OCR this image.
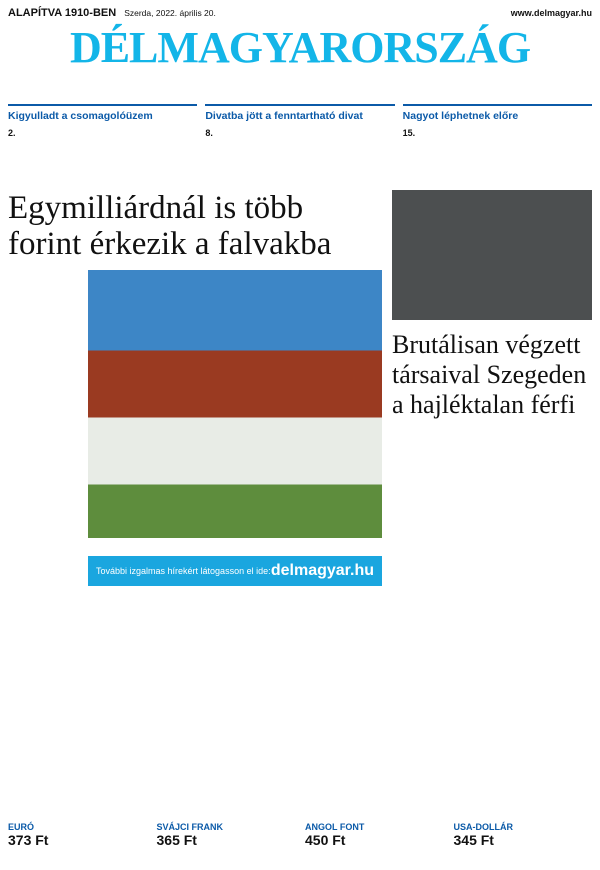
ALAPÍTVA 1910-BEN Szerda, 2022. április 20.	www.delmagyar.hu
DÉLMAGYARORSZÁG
Kigyulladt a csomagolóüzem
2.
Divatba jött a fenntartható divat
8.
Nagyot léphetnek előre
15.
Egymilliárdnál is több forint érkezik a falvakba
További izgalmas hírekért látogasson el ide: delmagyar.hu
Brutálisan végzett társaival Szegeden a hajléktalan férfi
EURÓ
373 Ft
SVÁJCI FRANK
365 Ft
ANGOL FONT
450 Ft
USA-DOLLÁR
345 Ft
